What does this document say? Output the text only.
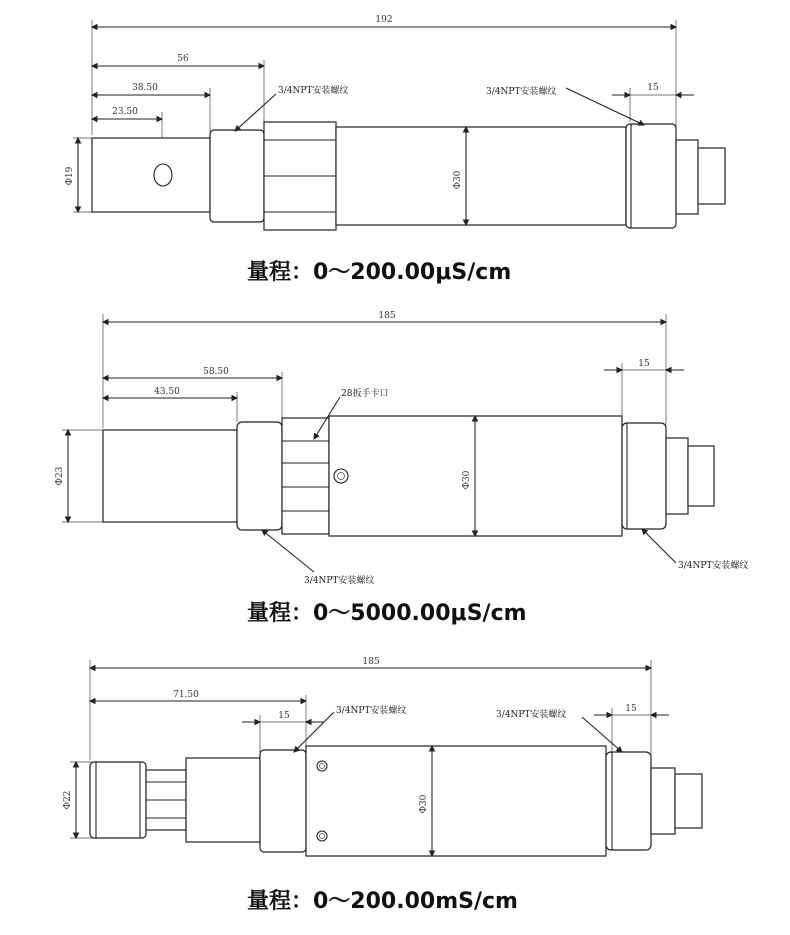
192
56
38.50
23.50
15
Φ19	Φ30
3/4NPT安装螺纹	3/4NPT安装螺纹
185
58.50
43.50
15
Φ23	Φ30
28扳手卡口
3/4NPT安装螺纹
3/4NPT安装螺纹
185
71.50
15
15
Φ22	Φ30
3/4NPT安装螺纹	3/4NPT安装螺纹
量程：0～200.00μS/cm
量程：0～5000.00μS/cm
量程：0～200.00mS/cm
